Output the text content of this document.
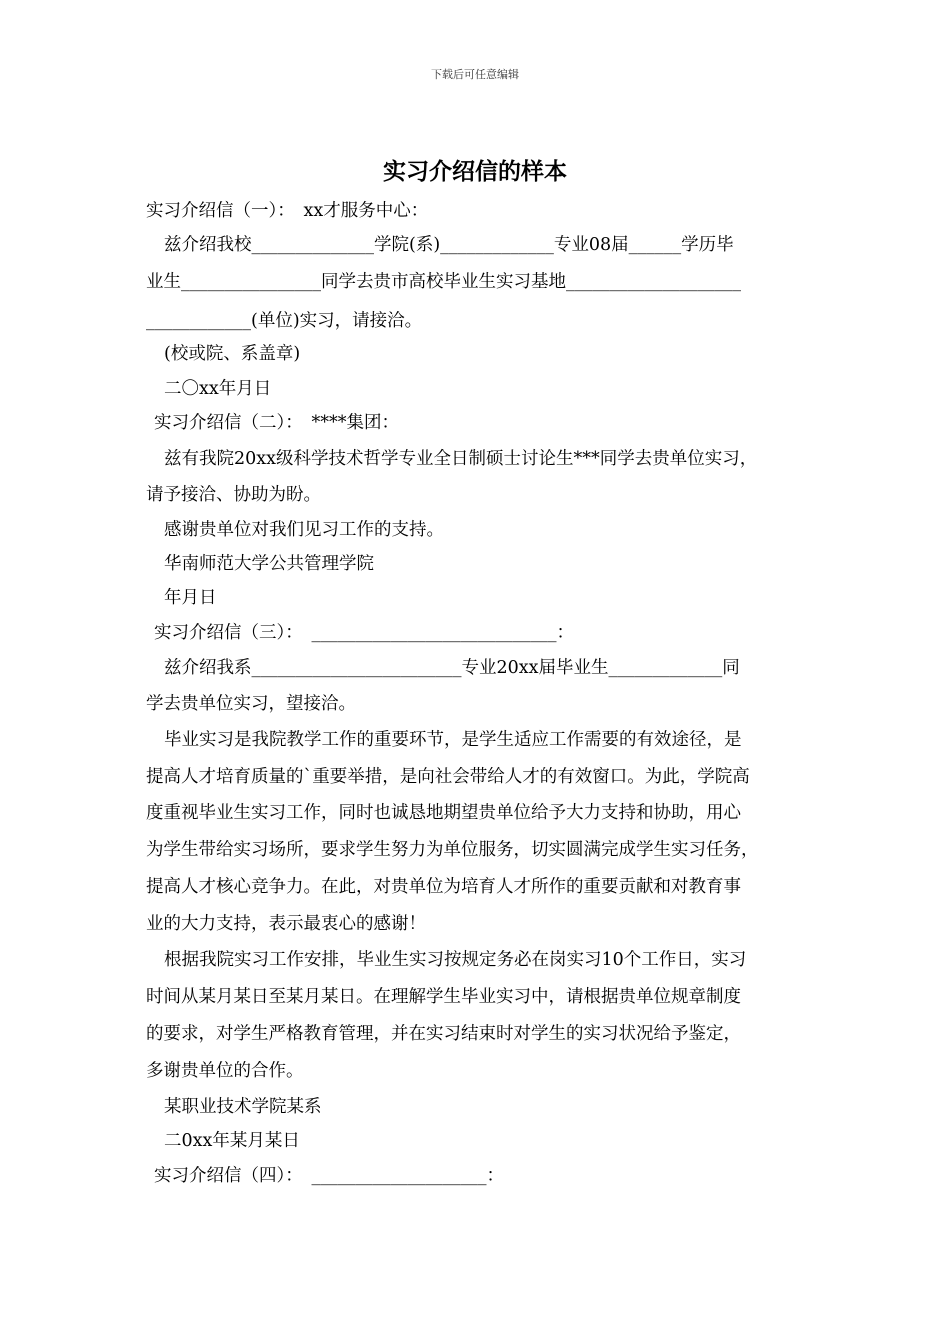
下载后可任意编辑
实习介绍信的样本
实习介绍信（一）：　xx才服务中心：
兹介绍我校______________学院(系)_____________专业08届______学历毕
业生________________同学去贵市高校毕业生实习基地____________________
____________(单位)实习，请接洽。
(校或院、系盖章)
二〇xx年月日
实习介绍信（二）：　****集团：
兹有我院20xx级科学技术哲学专业全日制硕士讨论生***同学去贵单位实习，
请予接洽、协助为盼。
感谢贵单位对我们见习工作的支持。
华南师范大学公共管理学院
年月日
实习介绍信（三）：　____________________________：
兹介绍我系________________________专业20xx届毕业生_____________同
学去贵单位实习，望接洽。
毕业实习是我院教学工作的重要环节，是学生适应工作需要的有效途径，是
提高人才培育质量的`重要举措，是向社会带给人才的有效窗口。为此，学院高
度重视毕业生实习工作，同时也诚恳地期望贵单位给予大力支持和协助，用心
为学生带给实习场所，要求学生努力为单位服务，切实圆满完成学生实习任务，
提高人才核心竞争力。在此，对贵单位为培育人才所作的重要贡献和对教育事
业的大力支持，表示最衷心的感谢！
根据我院实习工作安排，毕业生实习按规定务必在岗实习10个工作日，实习
时间从某月某日至某月某日。在理解学生毕业实习中，请根据贵单位规章制度
的要求，对学生严格教育管理，并在实习结束时对学生的实习状况给予鉴定，
多谢贵单位的合作。
某职业技术学院某系
二0xx年某月某日
实习介绍信（四）：　____________________：
